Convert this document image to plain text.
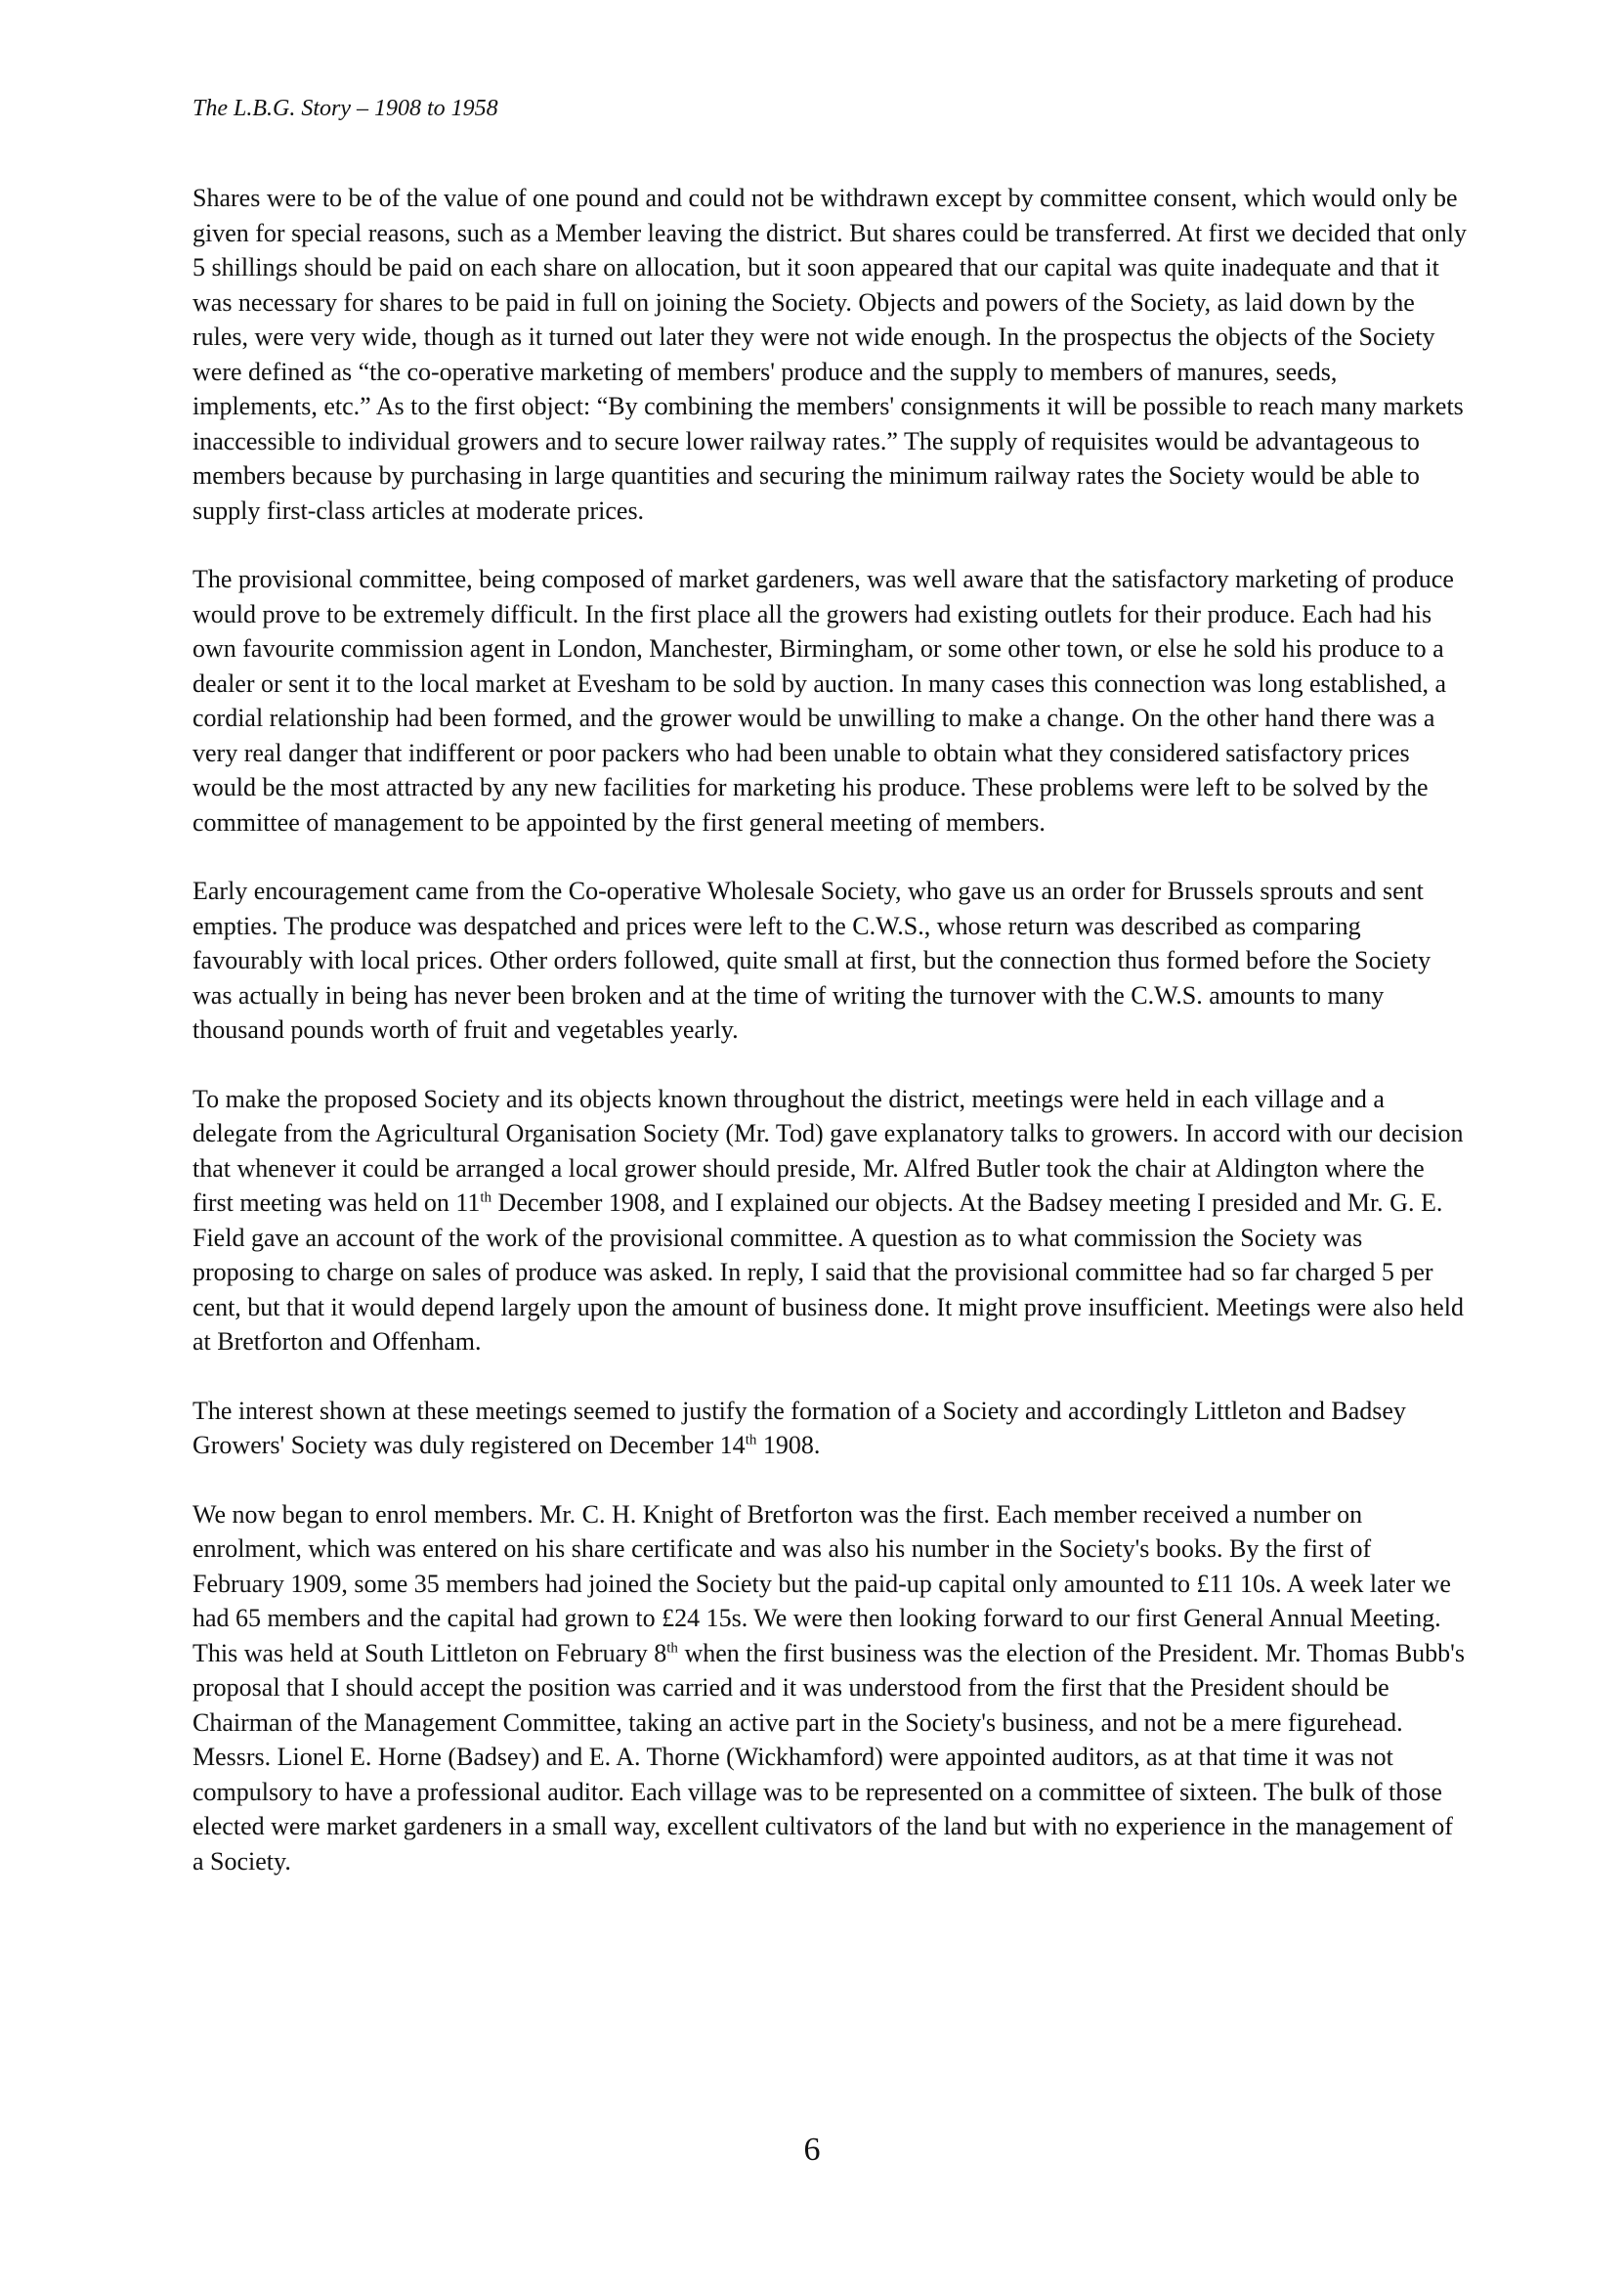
The L.B.G. Story – 1908 to 1958

Shares were to be of the value of one pound and could not be withdrawn except by committee consent, which would only be given for special reasons, such as a Member leaving the district. But shares could be transferred. At first we decided that only 5 shillings should be paid on each share on allocation, but it soon appeared that our capital was quite inadequate and that it was necessary for shares to be paid in full on joining the Society. Objects and powers of the Society, as laid down by the rules, were very wide, though as it turned out later they were not wide enough. In the prospectus the objects of the Society were defined as “the co-operative marketing of members' produce and the supply to members of manures, seeds, implements, etc.” As to the first object: “By combining the members' consignments it will be possible to reach many markets inaccessible to individual growers and to secure lower railway rates.” The supply of requisites would be advantageous to members because by purchasing in large quantities and securing the minimum railway rates the Society would be able to supply first-class articles at moderate prices.

The provisional committee, being composed of market gardeners, was well aware that the satisfactory marketing of produce would prove to be extremely difficult. In the first place all the growers had existing outlets for their produce. Each had his own favourite commission agent in London, Manchester, Birmingham, or some other town, or else he sold his produce to a dealer or sent it to the local market at Evesham to be sold by auction. In many cases this connection was long established, a cordial relationship had been formed, and the grower would be unwilling to make a change. On the other hand there was a very real danger that indifferent or poor packers who had been unable to obtain what they considered satisfactory prices would be the most attracted by any new facilities for marketing his produce. These problems were left to be solved by the committee of management to be appointed by the first general meeting of members.

Early encouragement came from the Co-operative Wholesale Society, who gave us an order for Brussels sprouts and sent empties. The produce was despatched and prices were left to the C.W.S., whose return was described as comparing favourably with local prices. Other orders followed, quite small at first, but the connection thus formed before the Society was actually in being has never been broken and at the time of writing the turnover with the C.W.S. amounts to many thousand pounds worth of fruit and vegetables yearly.

To make the proposed Society and its objects known throughout the district, meetings were held in each village and a delegate from the Agricultural Organisation Society (Mr. Tod) gave explanatory talks to growers. In accord with our decision that whenever it could be arranged a local grower should preside, Mr. Alfred Butler took the chair at Aldington where the first meeting was held on 11th December 1908, and I explained our objects. At the Badsey meeting I presided and Mr. G. E. Field gave an account of the work of the provisional committee. A question as to what commission the Society was proposing to charge on sales of produce was asked. In reply, I said that the provisional committee had so far charged 5 per cent, but that it would depend largely upon the amount of business done. It might prove insufficient. Meetings were also held at Bretforton and Offenham.

The interest shown at these meetings seemed to justify the formation of a Society and accordingly Littleton and Badsey Growers' Society was duly registered on December 14th 1908.

We now began to enrol members. Mr. C. H. Knight of Bretforton was the first. Each member received a number on enrolment, which was entered on his share certificate and was also his number in the Society's books. By the first of February 1909, some 35 members had joined the Society but the paid-up capital only amounted to £11 10s. A week later we had 65 members and the capital had grown to £24 15s. We were then looking forward to our first General Annual Meeting. This was held at South Littleton on February 8th when the first business was the election of the President. Mr. Thomas Bubb's proposal that I should accept the position was carried and it was understood from the first that the President should be Chairman of the Management Committee, taking an active part in the Society's business, and not be a mere figurehead. Messrs. Lionel E. Horne (Badsey) and E. A. Thorne (Wickhamford) were appointed auditors, as at that time it was not compulsory to have a professional auditor. Each village was to be represented on a committee of sixteen. The bulk of those elected were market gardeners in a small way, excellent cultivators of the land but with no experience in the management of a Society.

6
